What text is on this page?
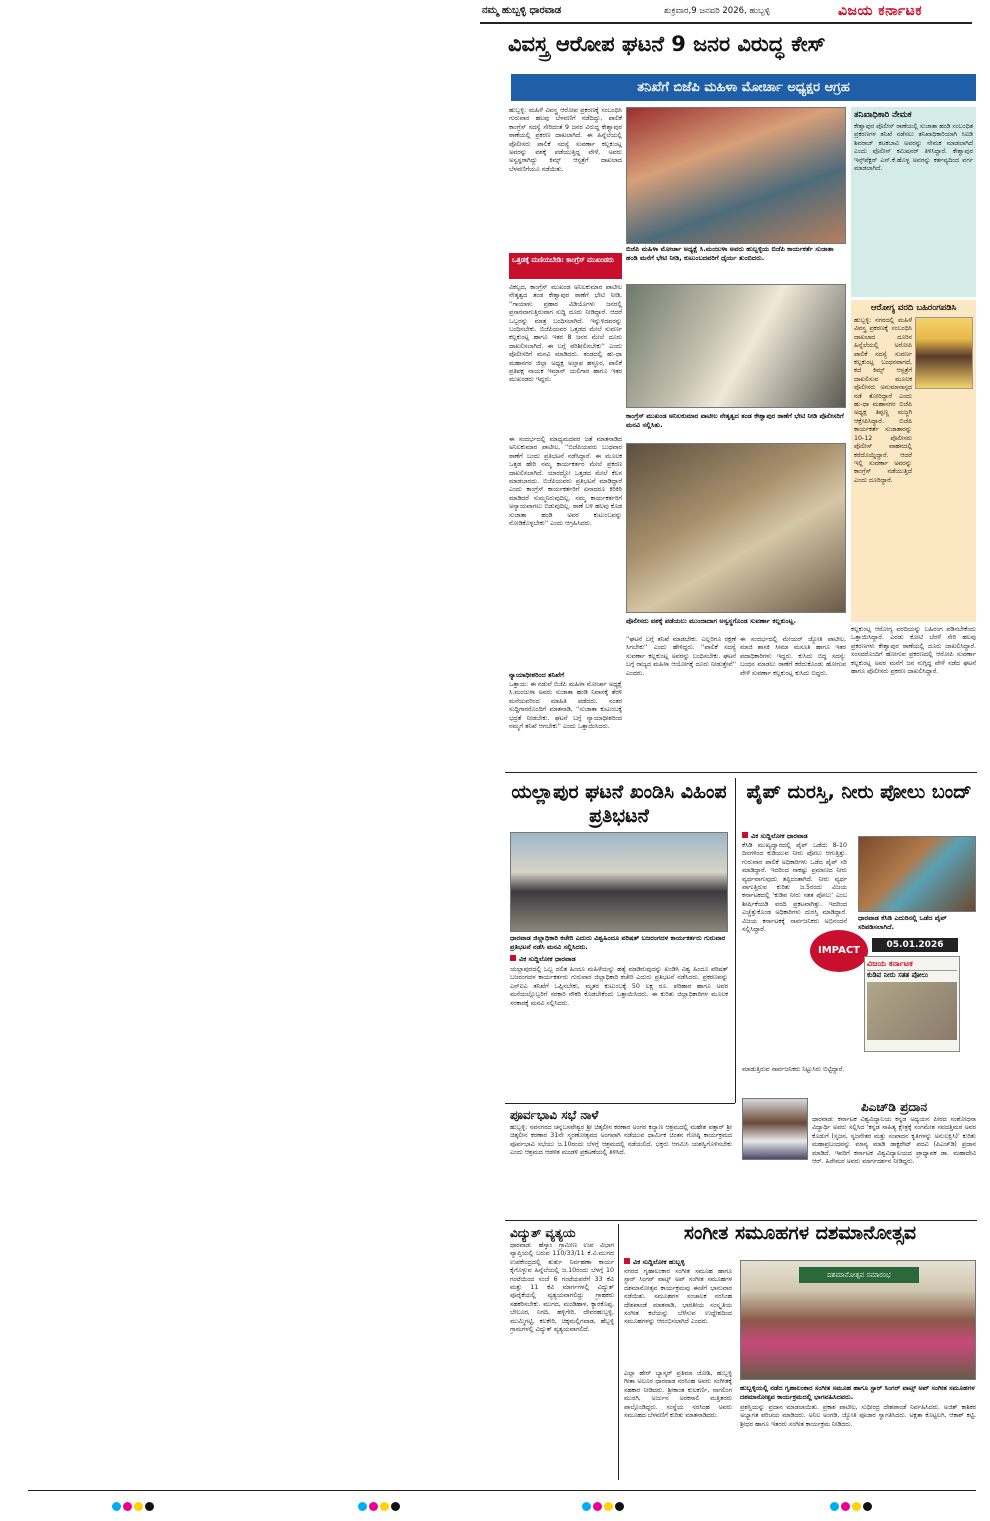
ನಮ್ಮ ಹುಬ್ಬಳ್ಳಿ ಧಾರವಾಡ	ಶುಕ್ರವಾರ,9 ಜನವರಿ 2026, ಹುಬ್ಬಳ್ಳಿ	ವಿಜಯ ಕರ್ನಾಟಕ
ವಿವಸ್ತ್ರ ಆರೋಪ ಘಟನೆ 9 ಜನರ ವಿರುದ್ಧ ಕೇಸ್
ತನಿಖೆಗೆ ಬಿಜೆಪಿ ಮಹಿಳಾ ಮೋರ್ಚಾ ಅಧ್ಯಕ್ಷರ ಆಗ್ರಹ
ಹುಬ್ಬಳ್ಳಿ: ಮಹಿಳೆ ವಿವಸ್ತ್ರ ಆರೋಪ ಪ್ರಕರಣಕ್ಕೆ ಸಂಬಂಧಿಸಿ ಗುರುವಾರ ಹಲವು ಬೆಳವಣಿಗೆ ನಡೆದಿದ್ದು, ಪಾಲಿಕೆ ಕಾಂಗ್ರೆಸ್ ಸದಸ್ಯೆ ಸೇರಿದಂತೆ 9 ಜನರ ವಿರುದ್ಧ ಕೇಶ್ವಾಪುರ ಠಾಣೆಯಲ್ಲಿ ಪ್ರಕರಣ ದಾಖಲಾಗಿದೆ. ಈ ಹಿನ್ನೆಲೆಯಲ್ಲಿ ಪೊಲೀಸರು ಪಾಲಿಕೆ ಸದಸ್ಯೆ ಸುವರ್ಣಾ ಕಲ್ಲಕುಂಟ್ಲ ಅವರನ್ನು ವಶಕ್ಕೆ ಪಡೆಯುತ್ತಿದ್ದ ವೇಳೆ, ಅವರು ಅಸ್ವಸ್ಥರಾಗಿದ್ದು ಕಿಮ್ಸ್ ಆಸ್ಪತ್ರೆಗೆ ದಾಖಲಾದ ಬೆಳವಣಿಗೆಯೂ ನಡೆಯಿತು.
ಒತ್ತಡಕ್ಕೆ ಮಣಿಯಬೇಡಿ: ಕಾಂಗ್ರೆಸ್ ಮುಖಂಡರು
ವಿಕಲ್ಪದ, ಕಾಂಗ್ರೆಸ್ ಮುಖಂಡ ಅನಿಲಕುಮಾರ ಪಾಟೀಲ ನೇತೃತ್ವದ ತಂಡ ಕೇಶ್ವಾಪುರ ಠಾಣೆಗೆ ಭೇಟಿ ನೀಡಿ, ''ಗಾಯಾಳು ಪ್ರಹಾರ ವಿಡಿಯೊಗಳು ಜನರಲ್ಲಿ ಪ್ರಸಾರವಾಗುತ್ತಿರುವಾಗ ಸುದ್ದಿ ದೂರು ನೀಡಿದ್ದಾರೆ. ಆದರೆ ಒಬ್ಬರನ್ನು ಮಾತ್ರ ಬಂಧಿಸಲಾಗಿದೆ. ಇನ್ನುಳಿದವರನ್ನು ಬಂಧಿಸಬೇಕು. ಬಿಜೆಪಿಯವರ ಒತ್ತಡದ ಮೇಲೆ ಸುವರ್ಣ ಕಲ್ಲಕುಂಟ್ಲ ಹಾಗೂ ಇತರ 8 ಜನರ ಮೇಲೆ ದೂರು ದಾಖಲಿಸಲಾಗಿದೆ. ಈ ಬಗ್ಗೆ ಪರಿಶೀಲಿಸಬೇಕು'' ಎಂದು ಪೊಲೀಸರಿಗೆ ಮನವಿ ಮಾಡಿದರು. ತಂಡದಲ್ಲಿ ಹು-ಧಾ ಮಹಾನಗರ ಜಿಲ್ಲಾ ಅಧ್ಯಕ್ಷ ಅಲ್ತಾಫ ಹಳ್ಳೂರ, ಪಾಲಿಕೆ ಪ್ರತಿಪಕ್ಷ ನಾಯಕ ಇಮ್ರಾನ್ ಯಲಿಗಾರ ಹಾಗೂ ಇತರ ಮುಖಂಡರು ಇದ್ದರು.
ಈ ಸಂದರ್ಭದಲ್ಲಿ ಮಾಧ್ಯಮದವರ ಜತೆ ಮಾತನಾಡಿದ ಅನಿಲಕುಮಾರ ಪಾಟೀಲ, ''ಬಿಜೆಪಿಯವರು ಬುಧವಾರ ಠಾಣೆಗೆ ಬಂದು ಪ್ರತಿಭಟನೆ ನಡೆಸಿದ್ದಾರೆ. ಈ ಮೂಲಕ ಒತ್ತಡ ಹೇರಿ ನಮ್ಮ ಕಾರ್ಯಕರ್ತರ ಮೇಲೆ ಪ್ರಕರಣ ದಾಖಲಿಸಲಾಗಿದೆ. ಯಾರದ್ದೋ ಒತ್ತಡದ ಮೇಲೆ ಕೆಲಸ ಮಾಡಬಾರದು. ಬಿಜೆಪಿಯವರು ಪ್ರತಿಭಟನೆ ಮಾಡಿದ್ದಾರೆ ಎಂದು ಕಾಂಗ್ರೆಸ್ ಕಾರ್ಯಕರ್ತರಿಗೆ ಏನಾದರೂ ಕಿರಿಕಿರಿ ಮಾಡಿದರೆ ಸುಮ್ಮನಿರುವುದಿಲ್ಲ. ನಮ್ಮ ಕಾರ್ಯಕರ್ತರಿಗೆ ಅನ್ಯಾಯವಾಗಲು ಬಿಡುವುದಿಲ್ಲ. ಠಾಣೆ ಬಳಿ ಹಲವು ಕೊಡ ಸುಜಾತಾ ಹಂಡಿ ಅವರ ಕುಟುಂಬವನ್ನು ನೋಡಿಕೊಳ್ಳಬೇಕು'' ಎಂದು ಆಗ್ರಹಿಸಿದರು.
ನ್ಯಾಯಾಧೀಶರಿಂದ ತನಿಖೆಗೆ
ಒತ್ತಾಯ: ಈ ನಡುವೆ ಬಿಜೆಪಿ ಮಹಿಳಾ ಮೋರ್ಚಾ ಅಧ್ಯಕ್ಷೆ ಸಿ.ಮಂಜುಳಾ ಅವರು ಸುಜಾತಾ ಹಂಡಿ ನಿವಾಸಕ್ಕೆ ತೆರಳಿ ಮನೆಯವರಿಂದ ಮಾಹಿತಿ ಪಡೆದರು. ನಂತರ ಸುದ್ದಿಗಾರರೊಂದಿಗೆ ಮಾತನಾಡಿ, ''ಸುಜಾತಾ ಕುಟುಂಬಕ್ಕೆ ಭದ್ರತೆ ನೀಡಬೇಕು. ಘಟನೆ ಬಗ್ಗೆ ನ್ಯಾಯಾಧೀಶರಿಂದ ನಮ್ಮಗೆ ತನಿಖೆ ಆಗಬೇಕು'' ಎಂದು ಒತ್ತಾಯಿಸಿದರು.
ಬಿಜೆಪಿ ಮಹಿಳಾ ಮೋರ್ಚಾ ಅಧ್ಯಕ್ಷೆ ಸಿ.ಮಂಜುಳಾ ಅವರು ಹುಬ್ಬಳ್ಳಿಯ ಬಿಜೆಪಿ ಕಾರ್ಯಕರ್ತೆ ಸುಜಾತಾ ಹಂಡಿ ಮನೆಗೆ ಭೇಟಿ ನೀಡಿ, ಕುಟುಂಬದವರಿಗೆ ಧೈರ್ಯ ತುಂಬಿದರು.
ಕಾಂಗ್ರೆಸ್ ಮುಖಂಡ ಅನಿಲಕುಮಾರ ಪಾಟೀಲ ನೇತೃತ್ವದ ತಂಡ ಕೇಶ್ವಾಪುರ ಠಾಣೆಗೆ ಭೇಟಿ ನೀಡಿ ಪೊಲೀಸರಿಗೆ ಮನವಿ ಸಲ್ಲಿಸಿತು.
ಪೊಲೀಸರು ವಶಕ್ಕೆ ಪಡೆಯಲು ಮುಂದಾದಾಗ ಅಸ್ವಸ್ಥಗೊಂಡ ಸುವರ್ಣಾ ಕಲ್ಲಕುಂಟ್ಲ.
''ಘಟನೆ ಬಗ್ಗೆ ತನಿಖೆ ಮಾಡಬೇಕು. ಎಲ್ಲರಿಗೂ ರಕ್ಷಣೆ ಸಿಗಬೇಕು'' ಎಂದು ಹೇಳಿದ್ದರು. ''ಪಾಲಿಕೆ ಸದಸ್ಯೆ ಸುವರ್ಣಾ ಕಲ್ಲಕುಂಟ್ಲ ಅವರನ್ನು ಬಂಧಿಸಬೇಕು. ಘಟನೆ ಬಗ್ಗೆ ರಾಜ್ಯದ ಮಹಿಳಾ ಆಯೋಗಕ್ಕೆ ದೂರು ನೀಡುತ್ತೇವೆ'' ಎಂದರು.
ಈ ಸಂದರ್ಭದಲ್ಲಿ ಮೇಯರ್ ಜ್ಯೋತಿ ಪಾಟೀಲ, ಮಾಜಿ ಶಾಸಕಿ ಸೀಮಾ ಮಸೂತಿ ಹಾಗೂ ಇತರ ಪದಾಧಿಕಾರಿಗಳು ಇದ್ದರು. ಕುಸಿದು ಬಿದ್ದ ಸದಸ್ಯೆ: ಬಂಧನ ಮಾಡಲು ಠಾಣೆಗೆ ಕರೆದುಕೊಂಡು ಹೋಗುವ ವೇಳೆ ಸುವರ್ಣಾ ಕಲ್ಲಕುಂಟ್ಲ ಕುಸಿದು ಬಿದ್ದರು.
ತನಿಖಾಧಿಕಾರಿ ನೇಮಕ
ಕೇಶ್ವಾಪುರ ಪೊಲೀಸ್ ಠಾಣೆಯಲ್ಲಿ ಸುಜಾತಾ ಹಂಡಿ ಸಂಬಂಧಿತ ಪ್ರಕರಣಗಳ ತನಿಖೆ ನಡೆಸಲು ತನಿಖಾಧಿಕಾರಿಯಾಗಿ ಸಿಐಡಿ ಶಿವರಾಜ್ ಕಟಕಬಾವಿ ಅವರನ್ನು ನೇಮಕ ಮಾಡಲಾಗಿದೆ ಎಂದು ಪೊಲೀಸ್ ಕಮಿಷನರ್ ತಿಳಿಸಿದ್ದಾರೆ. ಕೇಶ್ವಾಪುರ ಇನ್ಸ್‌ಪೆಕ್ಟರ್ ಎಸ್.ಕೆ.ಹೊಳ್ಳ ಅವರನ್ನು ಕರ್ತವ್ಯದಿಂದ ವರ್ಗ ಮಾಡಲಾಗಿದೆ.
ಆರೋಗ್ಯ ವರದಿ ಬಹಿರಂಗಪಡಿಸಿ
ಹುಬ್ಬಳ್ಳಿ: ನಗರದಲ್ಲಿ ಮಹಿಳೆ ವಿವಸ್ತ್ರ ಪ್ರಕರಣಕ್ಕೆ ಸಂಬಂಧಿಸಿ ದಾಖಲಾದ ದೂರಿನ ಹಿನ್ನೆಲೆಯಲ್ಲಿ ಅರೋಪಿ ಪಾಲಿಕೆ ಸದಸ್ಯೆ ಸುವರ್ಣ ಕಲ್ಲಕುಂಟ್ಲ ಬಂಧನವಾಗದೆ, ಕದೆ ಕಿಮ್ಸ್ ಆಸ್ಪತ್ರೆಗೆ ದಾಖಲಿಸುವ ಮೂಲಕ ಪೊಲೀಸರು ಅನುಮಾನಾಸ್ಪದ ನಡೆ ತೋರಿದ್ದಾರೆ ಎಂದು ಹು-ಧಾ ಮಹಾನಗರ ಬಿಜೆಪಿ ಅಧ್ಯಕ್ಷ ತಿಪ್ಪಣ್ಣ ಮಜ್ಜಗಿ ಆಕ್ಷೇಪಿಸಿದ್ದಾರೆ. ಬಿಜೆಪಿ ಕಾರ್ಯಕರ್ತೆ ಸುಜಾತಾರನ್ನು 10-12 ಪೊಲೀಸರು ಪೊಲೀಸ್ ವಾಹನದಲ್ಲಿ ಕರೆದೊಯ್ದಿದ್ದಾರೆ. ಆದರೆ ಇಲ್ಲಿ ಸುವರ್ಣಾ ಅವರನ್ನು ಕಾಂಗ್ರೆಸ್ ನಡೆಯುತ್ತಿದೆ ಎಂದು ದೂರಿದ್ದಾರೆ.
ಕಲ್ಲಕುಂಟ್ಲ ಆರೋಗ್ಯ ವರದಿಯನ್ನು ಬಹಿರಂಗ ಪಡಿಸಬೇಕೆಂದು ಒತ್ತಾಯಿಸಿದ್ದಾರೆ. ಎರಡು ಕೋಟಿ ಬೆರಳೆ ಸೇರಿ ಹಲವು ಪ್ರಕರಣಗಳು ಕೇಶ್ವಾಪುರ ಠಾಣೆಯಲ್ಲಿ ದೂರು ದಾಖಲಿಸಿದ್ದಾರೆ. ಸಂಸದರೊಂದಿಗೆ ಹೋಗುವ ಪ್ರಕರಣದಲ್ಲಿ ಆರೋಪಿ ಸುವರ್ಣಾ ಕಲ್ಲಕುಂಟ್ಲ ಅವರ ಮನೆಗೆ ಜನ ನುಗ್ಗಿದ್ದ ವೇಳೆ ನಡೆದ ಘಟನೆ ಹಾಗೂ ಪೊಲೀಸರು ಪ್ರಕರಣ ದಾಖಲಿಸಿದ್ದಾರೆ.
ಯಲ್ಲಾಪುರ ಘಟನೆ ಖಂಡಿಸಿ ವಿಹಿಂಪ ಪ್ರತಿಭಟನೆ
ಧಾರವಾಡ ಜಿಲ್ಲಾಧಿಕಾರಿ ಕಚೇರಿ ಎದುರು ವಿಶ್ವಹಿಂದೂ ಪರಿಷತ್ ಬಜರಂಗದಳ ಕಾರ್ಯಕರ್ತರು ಗುರುವಾರ ಪ್ರತಿಭಟನೆ ನಡೆಸಿ ಮನವಿ ಸಲ್ಲಿಸಿದರು.
ವಿಕ ಸುದ್ದಿಲೋಕ ಧಾರವಾಡ
ಯಲ್ಲಾಪುರದಲ್ಲಿ ಒಬ್ಬ ದಲಿತ ಹಿಂದೂ ಮಹಿಳೆಯನ್ನು ಹತ್ಯೆ ಮಾಡಿರುವುದನ್ನು ಖಂಡಿಸಿ ವಿಶ್ವ ಹಿಂದೂ ಪರಿಷತ್ ಬಜರಂಗದಳ ಕಾರ್ಯಕರ್ತರು ಗುರುವಾರ ಜಿಲ್ಲಾಧಿಕಾರಿ ಕಚೇರಿ ಎದುರು ಪ್ರತಿಭಟನೆ ನಡೆಸಿದರು. ಪ್ರಕರಣವನ್ನು ಎನ್‌ಐಎ ತನಿಖೆಗೆ ಒಪ್ಪಿಸಬೇಕು, ಮೃತರ ಕುಟುಂಬಕ್ಕೆ 50 ಲಕ್ಷ ರೂ. ಪರಿಹಾರ ಹಾಗೂ ಅವರ ಮನೆಯಲ್ಲೊಬ್ಬರಿಗೆ ಸರಕಾರಿ ನೌಕರಿ ಕೊಡಬೇಕೆಂದು ಒತ್ತಾಯಿಸಿದರು. ಈ ಕುರಿತು ಜಿಲ್ಲಾಧಿಕಾರಿಗಳ ಮೂಲಕ ಸರಕಾರಕ್ಕೆ ಮನವಿ ಸಲ್ಲಿಸಿದರು.
ಪೈಪ್ ದುರಸ್ತಿ, ನೀರು ಪೋಲು ಬಂದ್
ವಿಕ ಸುದ್ದಿಲೋಕ ಧಾರವಾಡ
ಕೆಸಿಡಿ ಮುಖ್ಯದ್ವಾರದಲ್ಲಿ ಪೈಪ್ ಒಡೆದು 8-10 ದಿನಗಳಿಂದ ಕುಡಿಯುವ ನೀರು ಪೋಲು ಆಗುತ್ತಿತ್ತು. ಗುರುವಾರ ಪಾಲಿಕೆ ಅಧಿಕಾರಿಗಳು ಒಡೆದ ಪೈಪ್ ಸರಿ ಮಾಡಿದ್ದಾರೆ. ಇದರಿಂದ ಸಾಕಷ್ಟು ಪ್ರಮಾಣದ ನೀರು ವ್ಯರ್ಥವಾಗುವುದು ತಪ್ಪಿದಂತಾಗಿದೆ. ನೀರು ವ್ಯರ್ಥ ವಾಗುತ್ತಿರುವ ಕುರಿತು ಜ.5ರಂದು ವಿಜಯ ಕರ್ನಾಟಕದಲ್ಲಿ 'ಕುಡಿವ ನೀರು ಸತತ ಪೋಲು' ಎಂಬ ಶೀರ್ಷಿಕೆಯಡಿ ವರದಿ ಪ್ರಕಟವಾಗಿತ್ತು. ಇದರಿಂದ ಎಚ್ಚೆತ್ತುಕೊಂಡ ಅಧಿಕಾರಿಗಳು ದುರಸ್ತಿ ಮಾಡಿದ್ದಾರೆ. ವಿಜಯ ಕರ್ನಾಟಕಕ್ಕೆ ಸಾರ್ವಜನಿಕರು ಅಭಿನಂದನೆ ಸಲ್ಲಿಸಿದ್ದಾರೆ.
ಧಾರವಾಡ ಕೆಸಿಡಿ ಎದುರಿನಲ್ಲಿ ಒಡೆದ ಪೈಪ್ ಸರಿಪಡಿಸಲಾಗಿದೆ.
IMPACT	05.01.2026
ವಿಜಯ ಕರ್ನಾಟಕ
ಕುಡಿವ ನೀರು ಸತತ ಪೋಲು
ಮಾಡುತ್ತಿರುವ ಸಾರ್ವಜನಿಕರು ನಿಟ್ಟುಸಿರು ಬಿಟ್ಟಿದ್ದಾರೆ.
ಪೂರ್ವಭಾವಿ ಸಭೆ ನಾಳೆ
ಹುಬ್ಬಳ್ಳಿ: ನವನಗರದ ಚನ್ನಬಸವೇಶ್ವರ ಶ್ರೀ ಚಿತ್ಕಲೀನ ಕರಣಾರ ಅಂಗರ ಕಲ್ಯಾಣ ಆಶ್ರಮದಲ್ಲಿ ಮಹೇಶ ಪತ್ತಾರ್ ಶ್ರೀ ಚಿತ್ಕಲೀನ ಕರಣಾರ 31ನೇ ಸ್ಮರಣೋತ್ಸವದ ಅಂಗವಾಗಿ ನಡೆಯುವ ಧಾರ್ಮಿಕ ಚಿಂತನ ಗೋಷ್ಠಿ ಕಾರ್ಯಕ್ರಮದ ಪೂರ್ವಭಾವಿ ಸಭೆಯು ಜ.10ರಂದು ಬೆಳಗ್ಗೆ ಆಶ್ರಮದಲ್ಲಿ ನಡೆಯಲಿದೆ. ಭಕ್ತರು ಆಗಮಿಸಿ ಯಶಸ್ವಿಗೊಳಿಸಬೇಕು ಎಂದು ಆಶ್ರಮದ ಆಡಳಿತ ಮಂಡಳಿ ಪ್ರಕಟಣೆಯಲ್ಲಿ ತಿಳಿಸಿದೆ.
ಪಿಎಚ್‌ಡಿ ಪ್ರದಾನ
ಧಾರವಾಡ: ಕರ್ನಾಟಕ ವಿಶ್ವವಿದ್ಯಾಲಯ ಕನ್ನಡ ಅಧ್ಯಯನ ಪೀಠದ ಸಂಶೋಧನಾ ವಿದ್ಯಾರ್ಥಿ ಅವರು ಸಲ್ಲಿಸಿದ 'ಕನ್ನಡ ಸಾಹಿತ್ಯ ಕ್ಷೇತ್ರಕ್ಕೆ ಸಂಗಮೇಶ ಸವದತ್ತಿಮಠ ಅವರ ಕೊಡುಗೆ (ಸೃಜನ, ಸೃಜನೇತರ ಮತ್ತು ಸಂಪಾದನ ಕೃತಿಗಳನ್ನು ಅನುಲಕ್ಷಿಸಿ)' ಕುರಿತು ಮಹಾಪ್ರಬಂಧವನ್ನು ಮಾನ್ಯ ಮಾಡಿ ಡಾಕ್ಟರೇಟ್ ಪದವಿ (ಪಿಎಚ್‌ಡಿ) ಪ್ರದಾನ ಮಾಡಿದೆ. ಇವರಿಗೆ ಕರ್ನಾಟಕ ವಿಶ್ವವಿದ್ಯಾಲಯದ ಪ್ರಾಧ್ಯಾಪಕ ಡಾ. ಮಹಾದೇವಿ ಆರ್. ಹಿರೇಮಠ ಅವರು ಮಾರ್ಗದರ್ಶನ ನೀಡಿದ್ದರು.
ವಿದ್ಯುತ್ ವ್ಯತ್ಯಯ
ಧಾರವಾಡ: ಹೆಸ್ಕಾಂ ಗ್ರಾಮೀಣ ಉಪ ವಿಭಾಗ ವ್ಯಾಪ್ತಿಯಲ್ಲಿ ಬರುವ 110/33/11 ಕೆ.ವಿ.ಮುಗದ ಉಪಕೇಂದ್ರದಲ್ಲಿ ತುರ್ತು ನಿರ್ವಹಣಾ ಕಾರ್ಯ ಕೈಗೊಳ್ಳುವ ಹಿನ್ನೆಲೆಯಲ್ಲಿ ಜ.10ರಂದು ಬೆಳಗ್ಗೆ 10 ಗಂಟೆಯಿಂದ ಸಂಜೆ 6 ಗಂಟೆಯವರೆಗೆ 33 ಕೆವಿ ಮತ್ತು 11 ಕೆವಿ ಮಾರ್ಗಗಳಲ್ಲಿ ವಿದ್ಯುತ್ ಪೂರೈಕೆಯಲ್ಲಿ ವ್ಯತ್ಯಯವಾಗಲಿದ್ದು ಗ್ರಾಹಕರು ಸಹಕರಿಸಬೇಕು. ಮುಗದ, ಮಂಡಿಹಾಳ, ಕ್ಯಾರಕೊಪ್ಪ, ಬೇಲೂರ, ನಿಗದಿ, ಹಳ್ಳಿಗೇರಿ, ದೇವರಹುಬ್ಬಳ್ಳಿ, ಮುಮ್ಮಿಗಟ್ಟಿ, ಕಲಕೇರಿ, ಚಿಕ್ಕಮಲ್ಲಿಗವಾಡ, ಹೆಬ್ಬಳ್ಳಿ ಗ್ರಾಮಗಳಲ್ಲಿ ವಿದ್ಯುತ್ ವ್ಯತ್ಯಯವಾಗಲಿದೆ.
ಸಂಗೀತ ಸಮೂಹಗಳ ದಶಮಾನೋತ್ಸವ
ವಿಕ ಸುದ್ದಿಲೋಕ ಹುಬ್ಬಳ್ಳಿ
ನಗರದ ಗೃಹಾಲಂಕಾರ ಸಂಗೀತ ಸಮೂಹ ಹಾಗೂ ಸ್ಟಾರ್ ಸಿಂಗರ್ ವಾಟ್ಸ್ ಅಪ್ ಸಂಗೀತ ಸಮೂಹಗಳ ದಶಮಾನೋತ್ಸವ ಕಾರ್ಯಕ್ರಮವು ಈಚೆಗೆ ಭಾನುವಾರ ನಡೆಯಿತು. ಸಮೂಹಗಳ ಸಂಚಾಲಕ ನರಸಿಂಹ ದೇಶಪಾಂಡೆ ಮಾತನಾಡಿ, ಭಾರತೀಯ ಸಂಸ್ಕೃತಿಯ ಸಂಗೀತ ಕಲೆಯನ್ನು ಬೆಳೆಸುವ ಉದ್ದೇಶದಿಂದ ಸಮೂಹಗಳನ್ನು ಆರಂಭಿಸಲಾಗಿದೆ ಎಂದರು.
ಎಲ್ಲಾ ಹೇರ್ ಬ್ಯಾಸ್ಕರ್ ಪ್ರತಿಮಾ ಜೋಶಿ, ಹುಬ್ಬಳ್ಳಿ ಗೀತಾ ಅಲೂರ ಧಾರವಾಡ ನರಸಿಂಹ ಅವರು ಸಂಗೀತಕ್ಕೆ ಸಹಕಾರ ನೀಡಿದರು. ಶ್ರೀಕಾಂತ ಕುಲಕರ್ಣಿ, ನಾಗಲಿಂಗ ಮುರಗಿ, ಅರ್ಜುನ ಅರಕಸಾಲಿ ಮತ್ತಿತರರು ಪಾಲ್ಗೊಂಡಿದ್ದರು. ಸಂಸ್ಥೆಯ ನರಸಿಂಹ ಅವರು ಸಮೂಹದ ಬೆಳವಣಿಗೆ ಕುರಿತು ಮಾತನಾಡಿದರು.
ದಶಮಾನೋತ್ಸವ ಸಮಾರಂಭ
ಹುಬ್ಬಳ್ಳಿಯಲ್ಲಿ ನಡೆದ ಗೃಹಾಲಂಕಾರ ಸಂಗೀತ ಸಮೂಹ ಹಾಗೂ ಸ್ಟಾರ್ ಸಿಂಗರ್ ವಾಟ್ಸ್ ಅಪ್ ಸಂಗೀತ ಸಮೂಹಗಳ ದಶಮಾನೋತ್ಸವ ಕಾರ್ಯಕ್ರಮದಲ್ಲಿ ಭಾಗವಹಿಸಿದವರು.
ಪ್ರಶಸ್ತಿಯನ್ನು ಪ್ರದಾನ ಮಾಡಲಾಯಿತು. ಪ್ರಕಾಶ ಪಾಟೀಲ, ಸುಧೀಂದ್ರ ದೇಶಪಾಂಡೆ ನಿರ್ವಹಿಸಿದರು. ಅಜಿತ್ ಕಾಶಿಕರ ಅಭ್ಯಾಗತ ಪರಿಚಯ ಮಾಡಿದರು. ಅನಿಲ ಅಂಗಡಿ, ಜ್ಯೋತಿ ಪೂಜಾರ ಸ್ವಾಗತಿಸಿದರು. ಅಕ್ಷತಾ ಕೊಟ್ಟಲಗಿ, ಆಕಾಶ್ ಕಟ್ಟಿ, ಶ್ರೀಧರ ಹಾಗೂ ಇತರರು ಸಂಗೀತ ಕಾರ್ಯಕ್ರಮ ನೀಡಿದರು.
